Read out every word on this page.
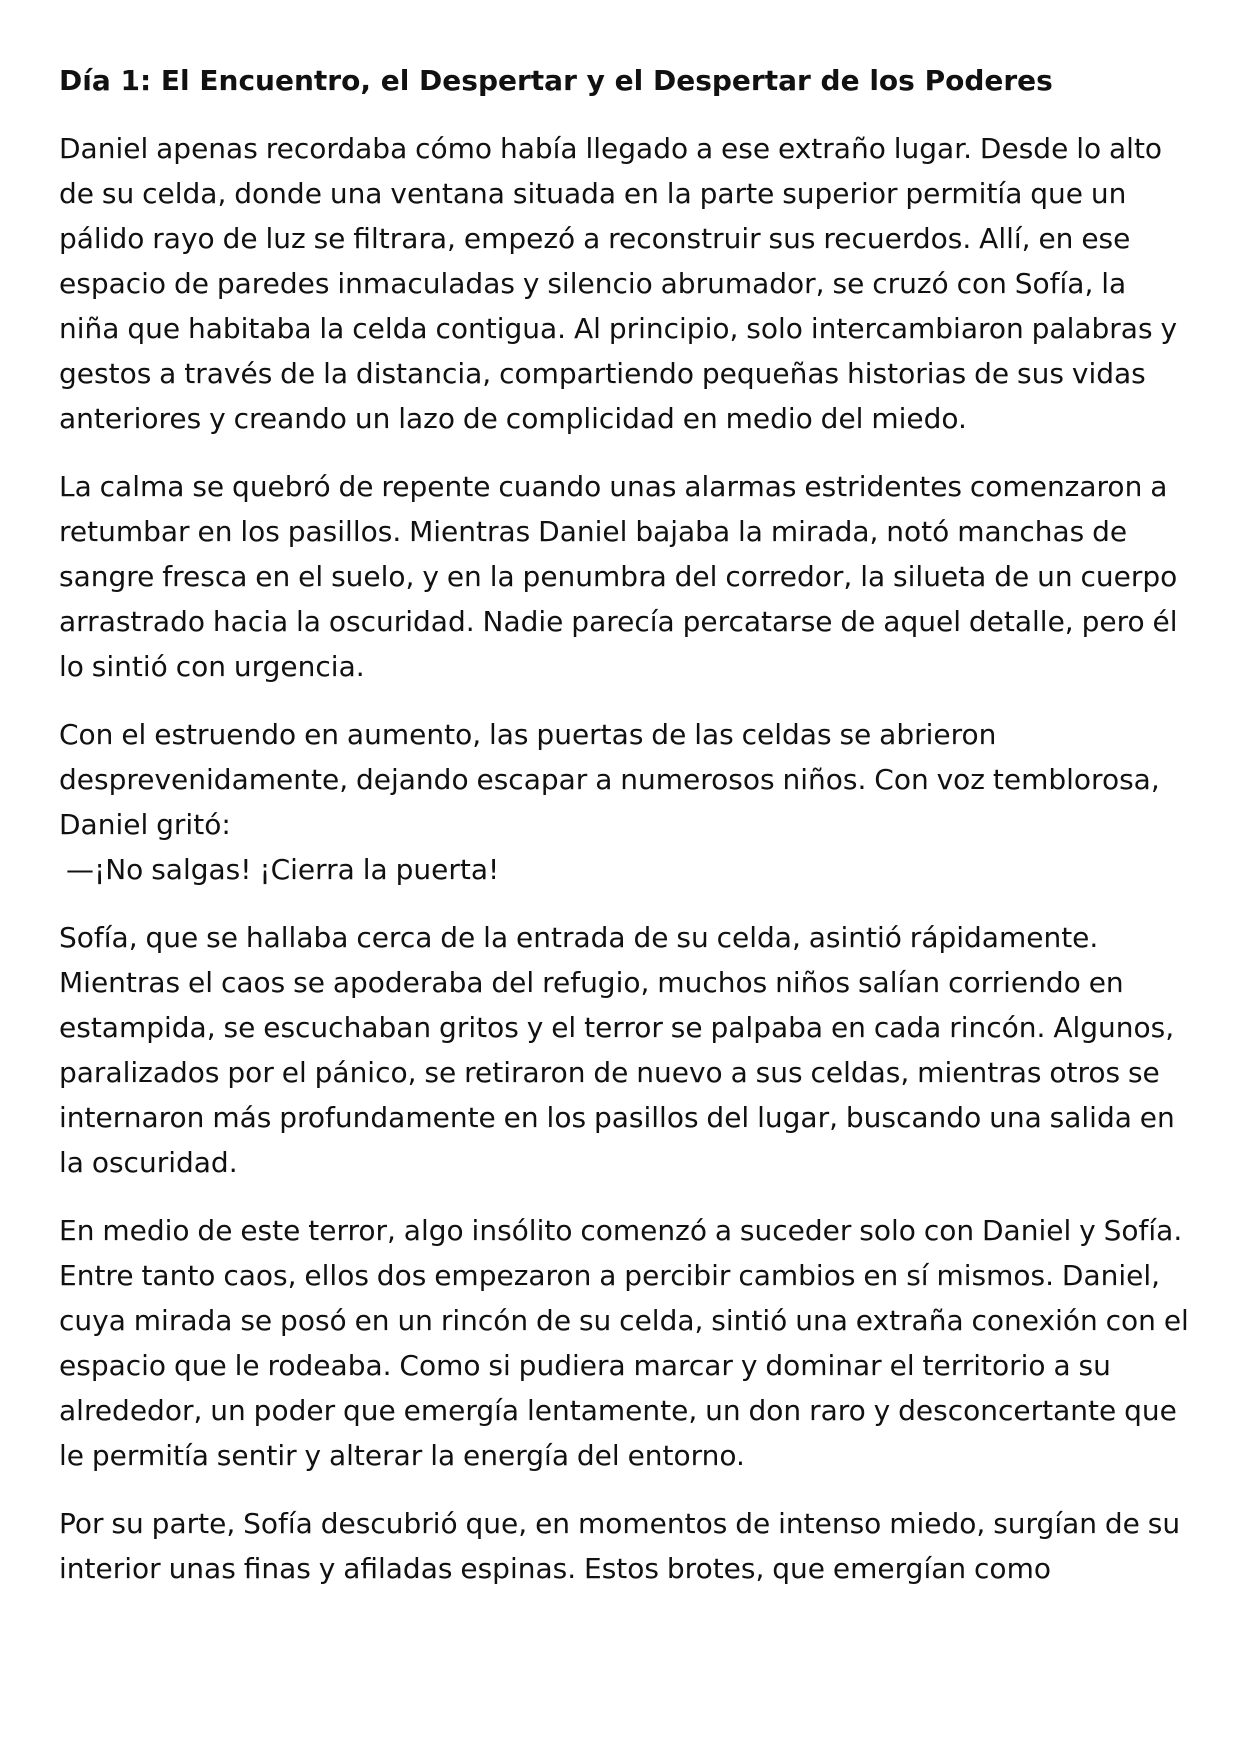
Día 1: El Encuentro, el Despertar y el Despertar de los Poderes

Daniel apenas recordaba cómo había llegado a ese extraño lugar. Desde lo alto de su celda, donde una ventana situada en la parte superior permitía que un pálido rayo de luz se filtrara, empezó a reconstruir sus recuerdos. Allí, en ese espacio de paredes inmaculadas y silencio abrumador, se cruzó con Sofía, la niña que habitaba la celda contigua. Al principio, solo intercambiaron palabras y gestos a través de la distancia, compartiendo pequeñas historias de sus vidas anteriores y creando un lazo de complicidad en medio del miedo.

La calma se quebró de repente cuando unas alarmas estridentes comenzaron a retumbar en los pasillos. Mientras Daniel bajaba la mirada, notó manchas de sangre fresca en el suelo, y en la penumbra del corredor, la silueta de un cuerpo arrastrado hacia la oscuridad. Nadie parecía percatarse de aquel detalle, pero él lo sintió con urgencia.

Con el estruendo en aumento, las puertas de las celdas se abrieron desprevenidamente, dejando escapar a numerosos niños. Con voz temblorosa, Daniel gritó:
—¡No salgas! ¡Cierra la puerta!

Sofía, que se hallaba cerca de la entrada de su celda, asintió rápidamente. Mientras el caos se apoderaba del refugio, muchos niños salían corriendo en estampida, se escuchaban gritos y el terror se palpaba en cada rincón. Algunos, paralizados por el pánico, se retiraron de nuevo a sus celdas, mientras otros se internaron más profundamente en los pasillos del lugar, buscando una salida en la oscuridad.

En medio de este terror, algo insólito comenzó a suceder solo con Daniel y Sofía. Entre tanto caos, ellos dos empezaron a percibir cambios en sí mismos. Daniel, cuya mirada se posó en un rincón de su celda, sintió una extraña conexión con el espacio que le rodeaba. Como si pudiera marcar y dominar el territorio a su alrededor, un poder que emergía lentamente, un don raro y desconcertante que le permitía sentir y alterar la energía del entorno.

Por su parte, Sofía descubrió que, en momentos de intenso miedo, surgían de su interior unas finas y afiladas espinas. Estos brotes, que emergían como
